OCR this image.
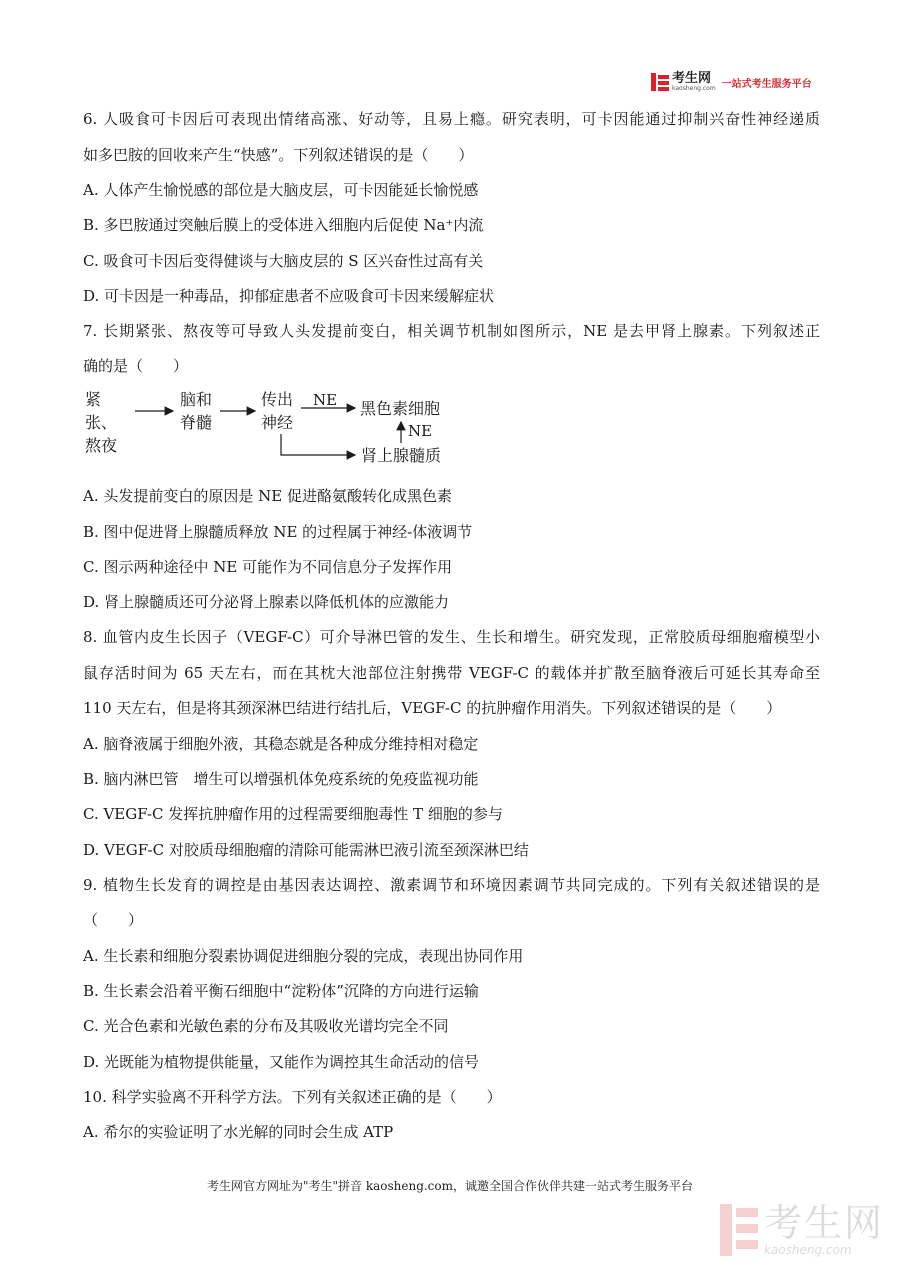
考生网
kaosheng.com 一站式考生服务平台
6. 人吸食可卡因后可表现出情绪高涨、好动等，且易上瘾。研究表明，可卡因能通过抑制兴奋性神经递质
如多巴胺的回收来产生“快感”。下列叙述错误的是（　　）
A. 人体产生愉悦感的部位是大脑皮层，可卡因能延长愉悦感
B. 多巴胺通过突触后膜上的受体进入细胞内后促使 Na⁺内流
C. 吸食可卡因后变得健谈与大脑皮层的 S 区兴奋性过高有关
D. 可卡因是一种毒品，抑郁症患者不应吸食可卡因来缓解症状
7. 长期紧张、熬夜等可导致人头发提前变白，相关调节机制如图所示，NE 是去甲肾上腺素。下列叙述正
确的是（　　）
紧张、
熬夜
脑和
脊髓
传出
神经
黑色素细胞
肾上腺髓质
NE
NE
A. 头发提前变白的原因是 NE 促进酪氨酸转化成黑色素
B. 图中促进肾上腺髓质释放 NE 的过程属于神经-体液调节
C. 图示两种途径中 NE 可能作为不同信息分子发挥作用
D. 肾上腺髓质还可分泌肾上腺素以降低机体的应激能力
8. 血管内皮生长因子（VEGF-C）可介导淋巴管的发生、生长和增生。研究发现，正常胶质母细胞瘤模型小
鼠存活时间为 65 天左右，而在其枕大池部位注射携带 VEGF-C 的载体并扩散至脑脊液后可延长其寿命至
110 天左右，但是将其颈深淋巴结进行结扎后，VEGF-C 的抗肿瘤作用消失。下列叙述错误的是（　　）
A. 脑脊液属于细胞外液，其稳态就是各种成分维持相对稳定
B. 脑内淋巴管　增生可以增强机体免疫系统的免疫监视功能
C. VEGF-C 发挥抗肿瘤作用的过程需要细胞毒性 T 细胞的参与
D. VEGF-C 对胶质母细胞瘤的清除可能需淋巴液引流至颈深淋巴结
9. 植物生长发育的调控是由基因表达调控、激素调节和环境因素调节共同完成的。下列有关叙述错误的是
（　　）
A. 生长素和细胞分裂素协调促进细胞分裂的完成，表现出协同作用
B. 生长素会沿着平衡石细胞中“淀粉体”沉降的方向进行运输
C. 光合色素和光敏色素的分布及其吸收光谱均完全不同
D. 光既能为植物提供能量，又能作为调控其生命活动的信号
10. 科学实验离不开科学方法。下列有关叙述正确的是（　　）
A. 希尔的实验证明了水光解的同时会生成 ATP
考生网官方网址为"考生"拼音 kaosheng.com，诚邀全国合作伙伴共建一站式考生服务平台
考生网
kaosheng.com
